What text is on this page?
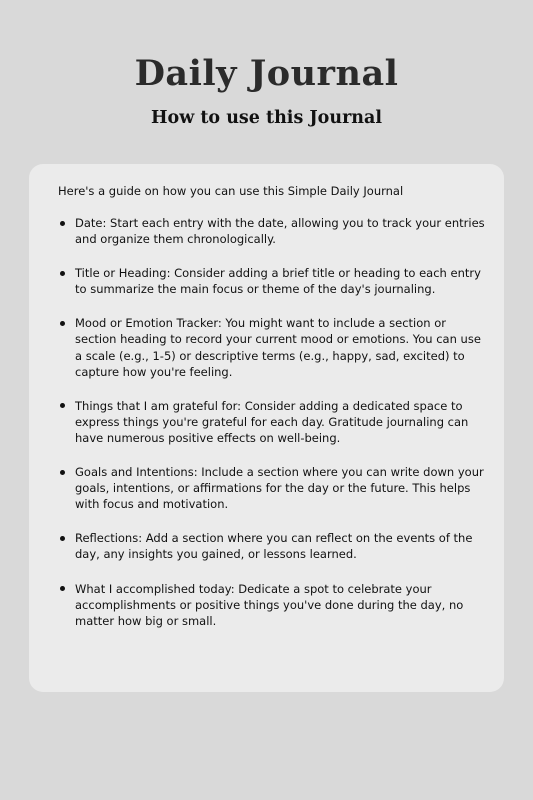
Daily Journal
How to use this Journal

Here's a guide on how you can use this Simple Daily Journal

Date: Start each entry with the date, allowing you to track your entries and organize them chronologically.
Title or Heading: Consider adding a brief title or heading to each entry to summarize the main focus or theme of the day's journaling.
Mood or Emotion Tracker: You might want to include a section or section heading to record your current mood or emotions. You can use a scale (e.g., 1-5) or descriptive terms (e.g., happy, sad, excited) to capture how you're feeling.
Things that I am grateful for: Consider adding a dedicated space to express things you're grateful for each day. Gratitude journaling can have numerous positive effects on well-being.
Goals and Intentions: Include a section where you can write down your goals, intentions, or affirmations for the day or the future. This helps with focus and motivation.
Reflections: Add a section where you can reflect on the events of the day, any insights you gained, or lessons learned.
What I accomplished today: Dedicate a spot to celebrate your accomplishments or positive things you've done during the day, no matter how big or small.
